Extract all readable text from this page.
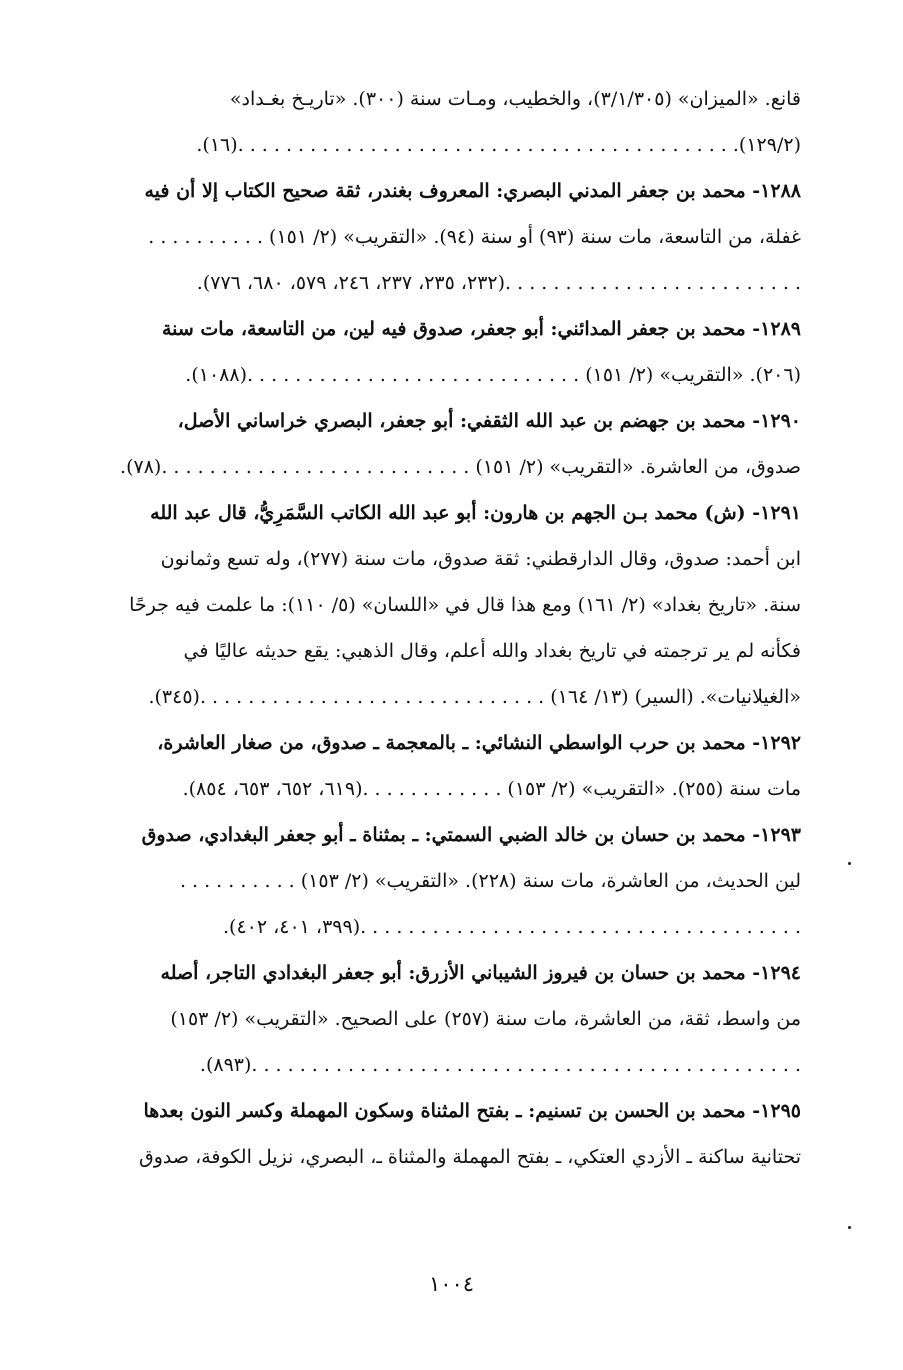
قانع. «الميزان» (٣/١/٣٠٥)، والخطيب، ومـات سنة (٣٠٠). «تاريـخ بغـداد»
(١٢٩/٢). . . . . . . . . . . . . . . . . . . . . . . . . . . . . . . . . . . . . . . . . .(١٦).
١٢٨٨- محمد بن جعفر المدني البصري: المعروف بغندر، ثقة صحيح الكتاب إلا أن فيه
غفلة، من التاسعة، مات سنة (٩٣) أو سنة (٩٤). «التقريب» (٢/ ١٥١) . . . . . . . . . .
. . . . . . . . . . . . . . . . . . . . . . . . .(٢٣٢، ٢٣٥، ٢٣٧، ٢٤٦، ٥٧٩، ٦٨٠، ٧٧٦).
١٢٨٩- محمد بن جعفر المدائني: أبو جعفر، صدوق فيه لين، من التاسعة، مات سنة
(٢٠٦). «التقريب» (٢/ ١٥١) . . . . . . . . . . . . . . . . . . . . . . . . . . . .(١٠٨٨).
١٢٩٠- محمد بن جهضم بن عبد الله الثقفي: أبو جعفر، البصري خراساني الأصل،
صدوق، من العاشرة. «التقريب» (٢/ ١٥١) . . . . . . . . . . . . . . . . . . . . . . . . . .(٧٨).
١٢٩١- (ش) محمد بـن الجهم بن هارون: أبو عبد الله الكاتب السَّمَرِيُّ، قال عبد الله
ابن أحمد: صدوق، وقال الدارقطني: ثقة صدوق، مات سنة (٢٧٧)، وله تسع وثمانون
سنة. «تاريخ بغداد» (٢/ ١٦١) ومع هذا قال في «اللسان» (٥/ ١١٠): ما علمت فيه جرحًا
فكأنه لم ير ترجمته في تاريخ بغداد والله أعلم، وقال الذهبي: يقع حديثه عاليًا في
«الغيلانيات». (السير) (١٣/ ١٦٤) . . . . . . . . . . . . . . . . . . . . . . . . . . . . .(٣٤٥).
١٢٩٢- محمد بن حرب الواسطي النشائي: ـ بالمعجمة ـ صدوق، من صغار العاشرة،
مات سنة (٢٥٥). «التقريب» (٢/ ١٥٣) . . . . . . . . . . . .(٦١٩، ٦٥٢، ٦٥٣، ٨٥٤).
١٢٩٣- محمد بن حسان بن خالد الضبي السمتي: ـ بمثناة ـ أبو جعفر البغدادي، صدوق
لين الحديث، من العاشرة، مات سنة (٢٢٨). «التقريب» (٢/ ١٥٣) . . . . . . . . . .
. . . . . . . . . . . . . . . . . . . . . . . . . . . . . . . . . . . . .(٣٩٩، ٤٠١، ٤٠٢).
١٢٩٤- محمد بن حسان بن فيروز الشيباني الأزرق: أبو جعفر البغدادي التاجر، أصله
من واسط، ثقة، من العاشرة، مات سنة (٢٥٧) على الصحيح. «التقريب» (٢/ ١٥٣)
. . . . . . . . . . . . . . . . . . . . . . . . . . . . . . . . . . . . . . . . . . . . . .(٨٩٣).
١٢٩٥- محمد بن الحسن بن تسنيم: ـ بفتح المثناة وسكون المهملة وكسر النون بعدها
تحتانية ساكنة ـ الأزدي العتكي، ـ بفتح المهملة والمثناة ـ، البصري، نزيل الكوفة، صدوق
١٠٠٤
